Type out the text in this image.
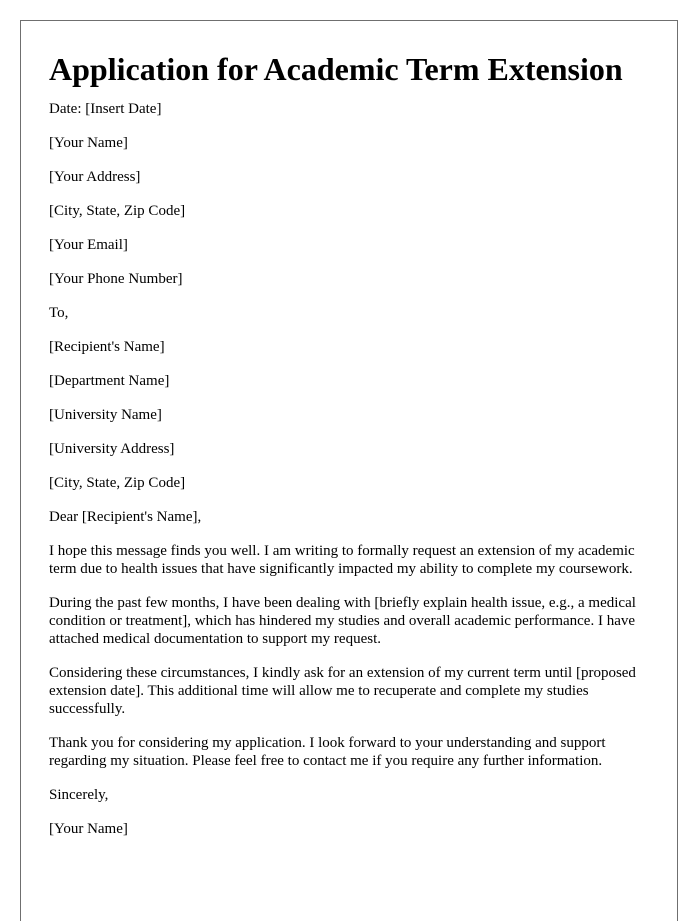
Application for Academic Term Extension

Date: [Insert Date]

[Your Name]

[Your Address]

[City, State, Zip Code]

[Your Email]

[Your Phone Number]

To,

[Recipient's Name]

[Department Name]

[University Name]

[University Address]

[City, State, Zip Code]

Dear [Recipient's Name],

I hope this message finds you well. I am writing to formally request an extension of my academic term due to health issues that have significantly impacted my ability to complete my coursework.

During the past few months, I have been dealing with [briefly explain health issue, e.g., a medical condition or treatment], which has hindered my studies and overall academic performance. I have attached medical documentation to support my request.

Considering these circumstances, I kindly ask for an extension of my current term until [proposed extension date]. This additional time will allow me to recuperate and complete my studies successfully.

Thank you for considering my application. I look forward to your understanding and support regarding my situation. Please feel free to contact me if you require any further information.

Sincerely,

[Your Name]
